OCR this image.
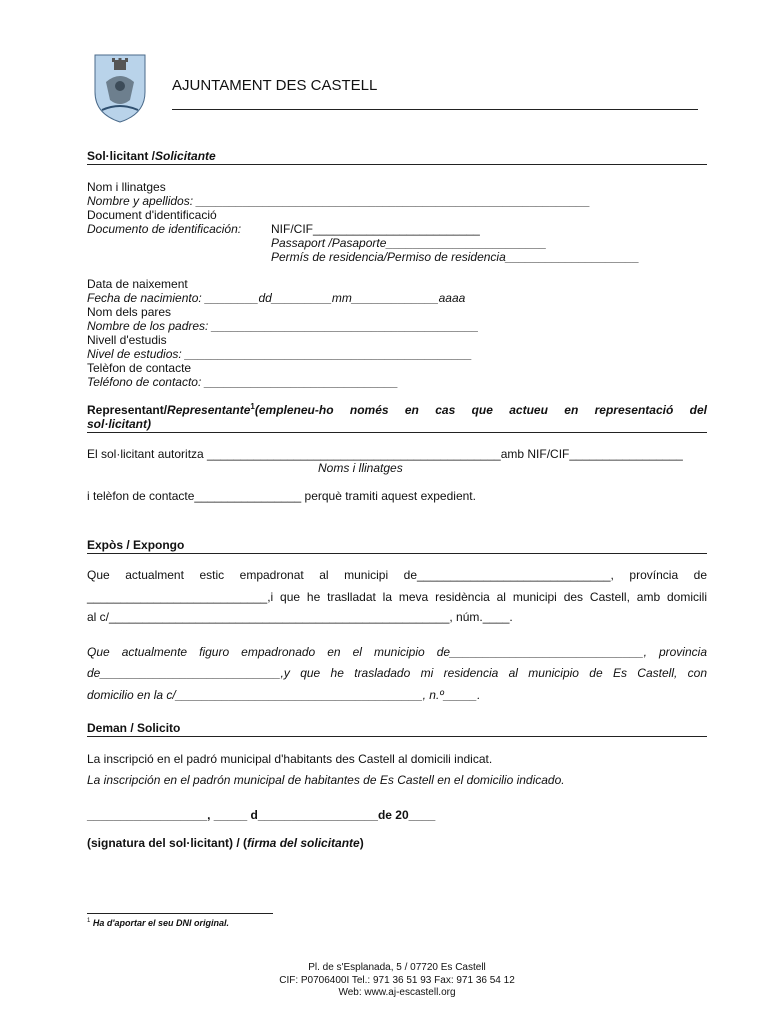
AJUNTAMENT DES CASTELL
Sol·licitant /Solicitante
Nom i llinatges
Nombre y apellidos: ___________________________________________________________
Document d'identificació
Documento de identificación: NIF/CIF_________________________
Passaport /Pasaporte________________________
Permís de residencia/Permiso de residencia____________________
Data de naixement
Fecha de nacimiento: ________dd_________mm_____________aaaa
Nom dels pares
Nombre de los padres: ________________________________________
Nivell d'estudis
Nivel de estudios: ___________________________________________
Telèfon de contacte
Teléfono de contacto: _____________________________
Representant/Representante$^1$(empleneu-ho només en cas que actueu en representació del
sol·licitant)
El sol·licitant autoritza ____________________________________________amb NIF/CIF_________________
Noms i llinatges
i telèfon de contacte________________ perquè tramiti aquest expedient.
Expòs / Expongo
Que actualment estic empadronat al municipi de_____________________________, província de
___________________________,i que he traslladat la meva residència al municipi des Castell, amb domicili
al c/___________________________________________________, núm.____.
Que actualmente figuro empadronado en el municipio de_____________________________, provincia
de___________________________,y que he trasladado mi residencia al municipio de Es Castell, con
domicilio en la c/_____________________________________, n.º_____.
Deman / Solicito
La inscripció en el padró municipal d'habitants des Castell al domicili indicat.
La inscripción en el padrón municipal de habitantes de Es Castell en el domicilio indicado.
__________________, _____ d__________________de 20____
(signatura del sol·licitant) / (firma del solicitante)
$^1$ Ha d'aportar el seu DNI original.
Pl. de s'Esplanada, 5 / 07720 Es Castell
CIF: P0706400I Tel.: 971 36 51 93 Fax: 971 36 54 12
Web: www.aj-escastell.org
